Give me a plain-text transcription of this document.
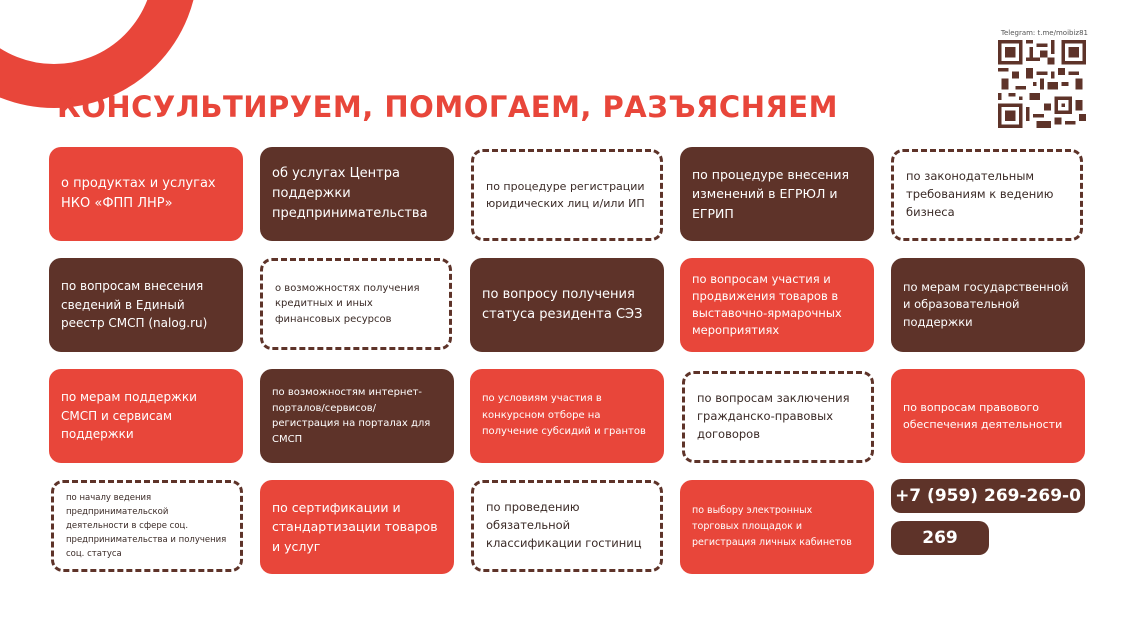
КОНСУЛЬТИРУЕМ, ПОМОГАЕМ, РАЗЪЯСНЯЕМ
Telegram: t.me/moibiz81
о продуктах и услугах НКО «ФПП ЛНР»
об услугах Центра поддержки предпринимательства
по процедуре регистрации юридических лиц и/или ИП
по процедуре внесения изменений в ЕГРЮЛ и ЕГРИП
по законодательным требованиям к ведению бизнеса
по вопросам внесения сведений в Единый реестр СМСП (nalog.ru)
о возможностях получения кредитных и иных финансовых ресурсов
по вопросу получения статуса резидента СЭЗ
по вопросам участия и продвижения товаров в выставочно-ярмарочных мероприятиях
по мерам государственной и образовательной поддержки
по мерам поддержки СМСП и сервисам поддержки
по возможностям интернет-порталов/сервисов/регистрация на порталах для СМСП
по условиям участия в конкурсном отборе на получение субсидий и грантов
по вопросам заключения гражданско-правовых договоров
по вопросам правового обеспечения деятельности
по началу ведения предпринимательской деятельности в сфере соц. предпринимательства и получения соц. статуса
по сертификации и стандартизации товаров и услуг
по проведению обязательной классификации гостиниц
по выбору электронных торговых площадок и регистрация личных кабинетов
+7 (959) 269-269-0
269
